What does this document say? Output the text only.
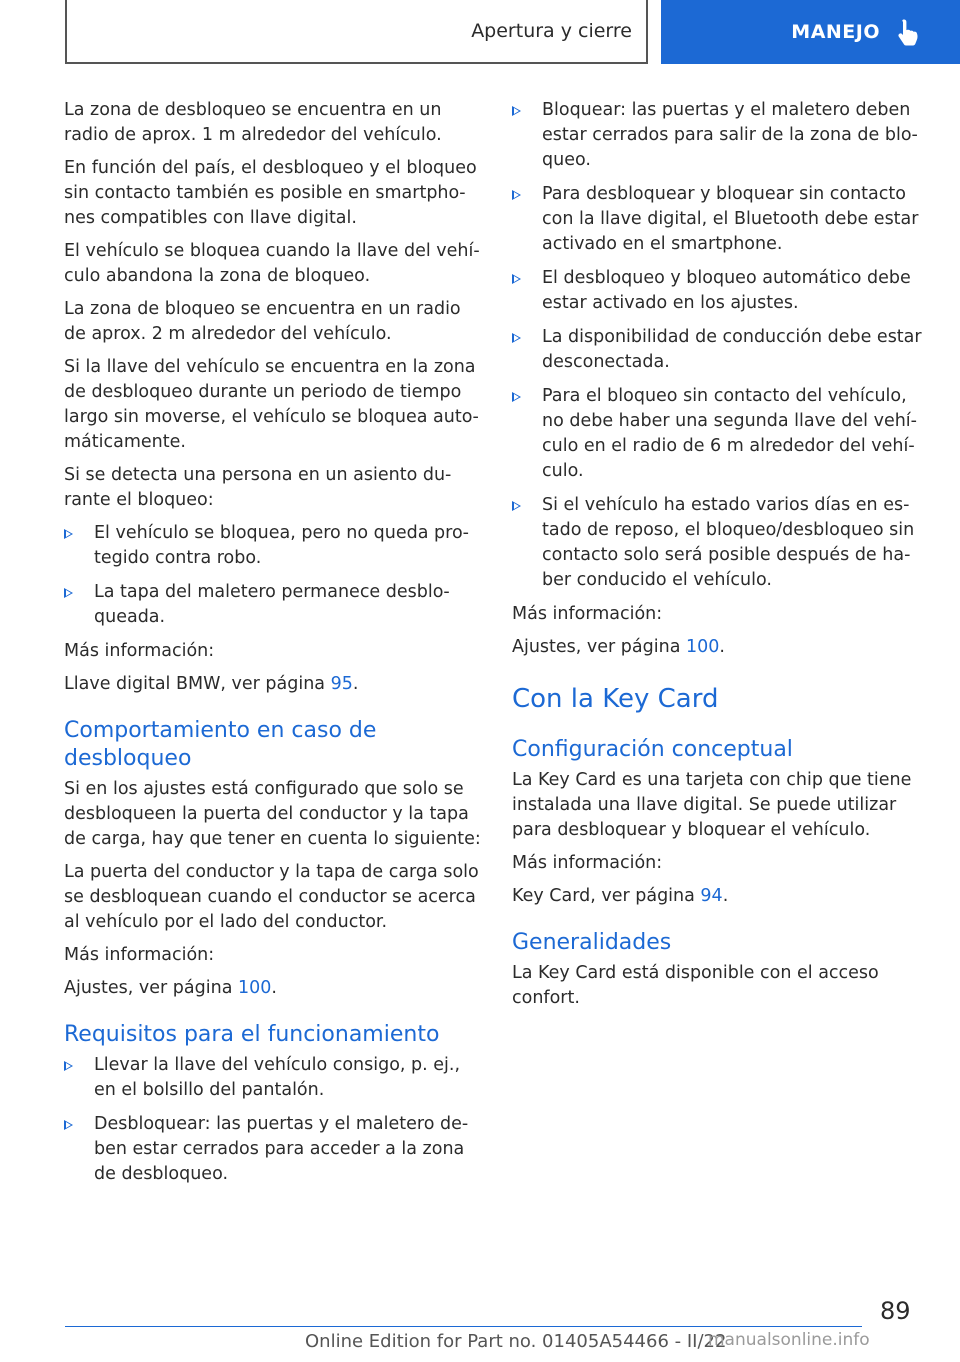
Apertura y cierre	MANEJO

La zona de desbloqueo se encuentra en un radio de aprox. 1 m alrededor del vehículo.

En función del país, el desbloqueo y el bloqueo sin contacto también es posible en smartpho‐ nes compatibles con llave digital.

El vehículo se bloquea cuando la llave del vehí‐ culo abandona la zona de bloqueo.

La zona de bloqueo se encuentra en un radio de aprox. 2 m alrededor del vehículo.

Si la llave del vehículo se encuentra en la zona de desbloqueo durante un periodo de tiempo largo sin moverse, el vehículo se bloquea auto‐ máticamente.

Si se detecta una persona en un asiento du‐ rante el bloqueo:

El vehículo se bloquea, pero no queda pro‐ tegido contra robo.
La tapa del maletero permanece desblo‐ queada.

Más información:

Llave digital BMW, ver página 95.

Comportamiento en caso de desbloqueo

Si en los ajustes está configurado que solo se desbloqueen la puerta del conductor y la tapa de carga, hay que tener en cuenta lo siguiente:

La puerta del conductor y la tapa de carga solo se desbloquean cuando el conductor se acerca al vehículo por el lado del conductor.

Más información:

Ajustes, ver página 100.

Requisitos para el funcionamiento
Llevar la llave del vehículo consigo, p. ej., en el bolsillo del pantalón.
Desbloquear: las puertas y el maletero de‐ ben estar cerrados para acceder a la zona de desbloqueo.
Bloquear: las puertas y el maletero deben estar cerrados para salir de la zona de blo‐ queo.
Para desbloquear y bloquear sin contacto con la llave digital, el Bluetooth debe estar activado en el smartphone.
El desbloqueo y bloqueo automático debe estar activado en los ajustes.
La disponibilidad de conducción debe estar desconectada.
Para el bloqueo sin contacto del vehículo, no debe haber una segunda llave del vehí‐ culo en el radio de 6 m alrededor del vehí‐ culo.
Si el vehículo ha estado varios días en es‐ tado de reposo, el bloqueo/desbloqueo sin contacto solo será posible después de ha‐ ber conducido el vehículo.

Más información:

Ajustes, ver página 100.

Con la Key Card
Configuración conceptual

La Key Card es una tarjeta con chip que tiene instalada una llave digital. Se puede utilizar para desbloquear y bloquear el vehículo.

Más información:

Key Card, ver página 94.

Generalidades

La Key Card está disponible con el acceso confort.

89
Online Edition for Part no. 01405A54466 - II/22
manualsonline.info
